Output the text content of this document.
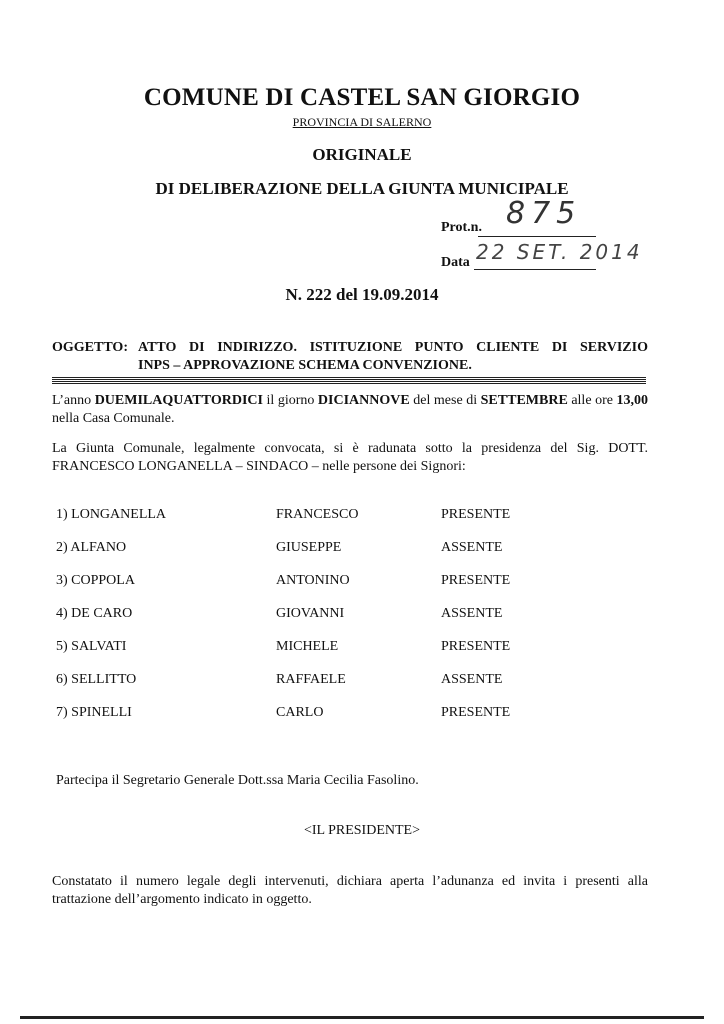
COMUNE DI CASTEL SAN GIORGIO
PROVINCIA DI SALERNO
ORIGINALE
DI DELIBERAZIONE DELLA GIUNTA MUNICIPALE
Prot.n. 875
Data 22 SET. 2014
N. 222 del 19.09.2014
OGGETTO: ATTO DI INDIRIZZO. ISTITUZIONE PUNTO CLIENTE DI SERVIZIO
INPS – APPROVAZIONE SCHEMA CONVENZIONE.
L’anno DUEMILAQUATTORDICI il giorno DICIANNOVE del mese di SETTEMBRE alle ore 13,00 nella Casa Comunale.
La Giunta Comunale, legalmente convocata, si è radunata sotto la presidenza del Sig. DOTT. FRANCESCO LONGANELLA – SINDACO – nelle persone dei Signori:
1) LONGANELLA	FRANCESCO	PRESENTE
2) ALFANO	GIUSEPPE	ASSENTE
3) COPPOLA	ANTONINO	PRESENTE
4) DE CARO	GIOVANNI	ASSENTE
5) SALVATI	MICHELE	PRESENTE
6) SELLITTO	RAFFAELE	ASSENTE
7) SPINELLI	CARLO	PRESENTE
Partecipa il Segretario Generale Dott.ssa Maria Cecilia Fasolino.
<IL PRESIDENTE>
Constatato il numero legale degli intervenuti, dichiara aperta l’adunanza ed invita i presenti alla trattazione dell’argomento indicato in oggetto.
